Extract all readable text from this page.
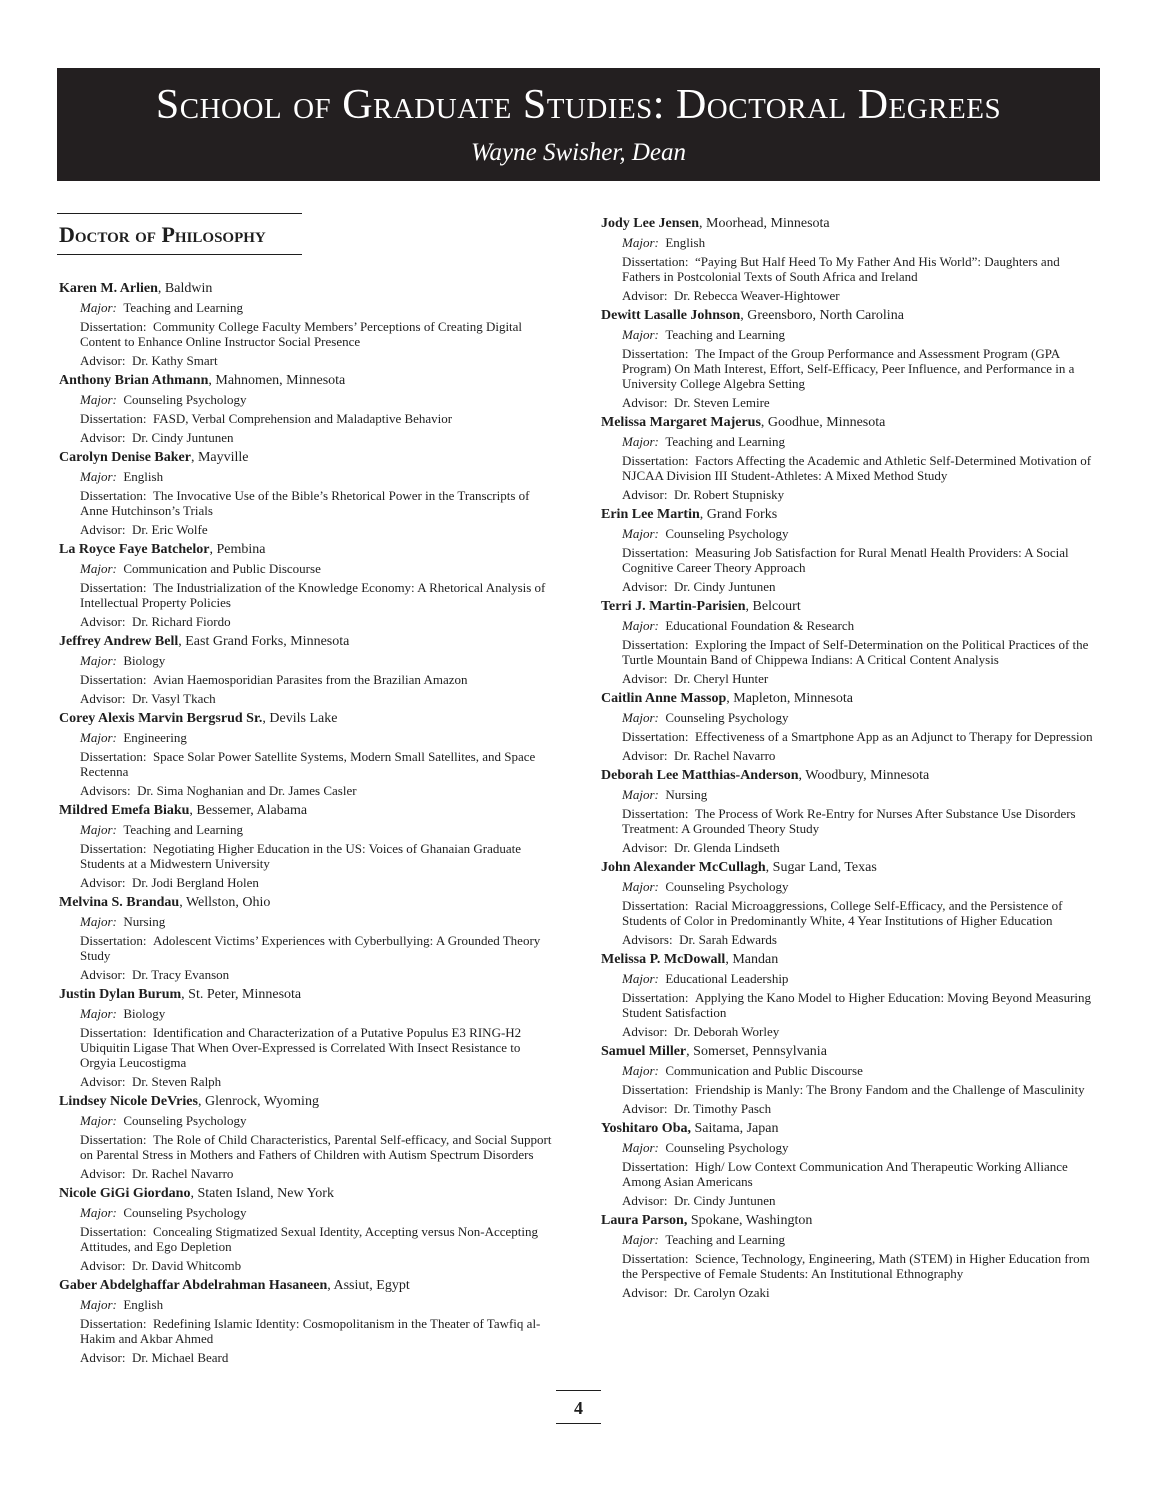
School of Graduate Studies: Doctoral Degrees
Wayne Swisher, Dean
Doctor of Philosophy
Karen M. Arlien, Baldwin
Major: Teaching and Learning
Dissertation: Community College Faculty Members’ Perceptions of Creating Digital Content to Enhance Online Instructor Social Presence
Advisor: Dr. Kathy Smart
Anthony Brian Athmann, Mahnomen, Minnesota
Major: Counseling Psychology
Dissertation: FASD, Verbal Comprehension and Maladaptive Behavior
Advisor: Dr. Cindy Juntunen
Carolyn Denise Baker, Mayville
Major: English
Dissertation: The Invocative Use of the Bible’s Rhetorical Power in the Transcripts of Anne Hutchinson’s Trials
Advisor: Dr. Eric Wolfe
La Royce Faye Batchelor, Pembina
Major: Communication and Public Discourse
Dissertation: The Industrialization of the Knowledge Economy: A Rhetorical Analysis of Intellectual Property Policies
Advisor: Dr. Richard Fiordo
Jeffrey Andrew Bell, East Grand Forks, Minnesota
Major: Biology
Dissertation: Avian Haemosporidian Parasites from the Brazilian Amazon
Advisor: Dr. Vasyl Tkach
Corey Alexis Marvin Bergsrud Sr., Devils Lake
Major: Engineering
Dissertation: Space Solar Power Satellite Systems, Modern Small Satellites, and Space Rectenna
Advisors: Dr. Sima Noghanian and Dr. James Casler
Mildred Emefa Biaku, Bessemer, Alabama
Major: Teaching and Learning
Dissertation: Negotiating Higher Education in the US: Voices of Ghanaian Graduate Students at a Midwestern University
Advisor: Dr. Jodi Bergland Holen
Melvina S. Brandau, Wellston, Ohio
Major: Nursing
Dissertation: Adolescent Victims’ Experiences with Cyberbullying: A Grounded Theory Study
Advisor: Dr. Tracy Evanson
Justin Dylan Burum, St. Peter, Minnesota
Major: Biology
Dissertation: Identification and Characterization of a Putative Populus E3 RING-H2 Ubiquitin Ligase That When Over-Expressed is Correlated With Insect Resistance to Orgyia Leucostigma
Advisor: Dr. Steven Ralph
Lindsey Nicole DeVries, Glenrock, Wyoming
Major: Counseling Psychology
Dissertation: The Role of Child Characteristics, Parental Self-efficacy, and Social Support on Parental Stress in Mothers and Fathers of Children with Autism Spectrum Disorders
Advisor: Dr. Rachel Navarro
Nicole GiGi Giordano, Staten Island, New York
Major: Counseling Psychology
Dissertation: Concealing Stigmatized Sexual Identity, Accepting versus Non-Accepting Attitudes, and Ego Depletion
Advisor: Dr. David Whitcomb
Gaber Abdelghaffar Abdelrahman Hasaneen, Assiut, Egypt
Major: English
Dissertation: Redefining Islamic Identity: Cosmopolitanism in the Theater of Tawfiq al-Hakim and Akbar Ahmed
Advisor: Dr. Michael Beard
Jody Lee Jensen, Moorhead, Minnesota
Major: English
Dissertation: “Paying But Half Heed To My Father And His World”: Daughters and Fathers in Postcolonial Texts of South Africa and Ireland
Advisor: Dr. Rebecca Weaver-Hightower
Dewitt Lasalle Johnson, Greensboro, North Carolina
Major: Teaching and Learning
Dissertation: The Impact of the Group Performance and Assessment Program (GPA Program) On Math Interest, Effort, Self-Efficacy, Peer Influence, and Performance in a University College Algebra Setting
Advisor: Dr. Steven Lemire
Melissa Margaret Majerus, Goodhue, Minnesota
Major: Teaching and Learning
Dissertation: Factors Affecting the Academic and Athletic Self-Determined Motivation of NJCAA Division III Student-Athletes: A Mixed Method Study
Advisor: Dr. Robert Stupnisky
Erin Lee Martin, Grand Forks
Major: Counseling Psychology
Dissertation: Measuring Job Satisfaction for Rural Menatl Health Providers: A Social Cognitive Career Theory Approach
Advisor: Dr. Cindy Juntunen
Terri J. Martin-Parisien, Belcourt
Major: Educational Foundation & Research
Dissertation: Exploring the Impact of Self-Determination on the Political Practices of the Turtle Mountain Band of Chippewa Indians: A Critical Content Analysis
Advisor: Dr. Cheryl Hunter
Caitlin Anne Massop, Mapleton, Minnesota
Major: Counseling Psychology
Dissertation: Effectiveness of a Smartphone App as an Adjunct to Therapy for Depression
Advisor: Dr. Rachel Navarro
Deborah Lee Matthias-Anderson, Woodbury, Minnesota
Major: Nursing
Dissertation: The Process of Work Re-Entry for Nurses After Substance Use Disorders Treatment: A Grounded Theory Study
Advisor: Dr. Glenda Lindseth
John Alexander McCullagh, Sugar Land, Texas
Major: Counseling Psychology
Dissertation: Racial Microaggressions, College Self-Efficacy, and the Persistence of Students of Color in Predominantly White, 4 Year Institutions of Higher Education
Advisors: Dr. Sarah Edwards
Melissa P. McDowall, Mandan
Major: Educational Leadership
Dissertation: Applying the Kano Model to Higher Education: Moving Beyond Measuring Student Satisfaction
Advisor: Dr. Deborah Worley
Samuel Miller, Somerset, Pennsylvania
Major: Communication and Public Discourse
Dissertation: Friendship is Manly: The Brony Fandom and the Challenge of Masculinity
Advisor: Dr. Timothy Pasch
Yoshitaro Oba, Saitama, Japan
Major: Counseling Psychology
Dissertation: High/ Low Context Communication And Therapeutic Working Alliance Among Asian Americans
Advisor: Dr. Cindy Juntunen
Laura Parson, Spokane, Washington
Major: Teaching and Learning
Dissertation: Science, Technology, Engineering, Math (STEM) in Higher Education from the Perspective of Female Students: An Institutional Ethnography
Advisor: Dr. Carolyn Ozaki
4
